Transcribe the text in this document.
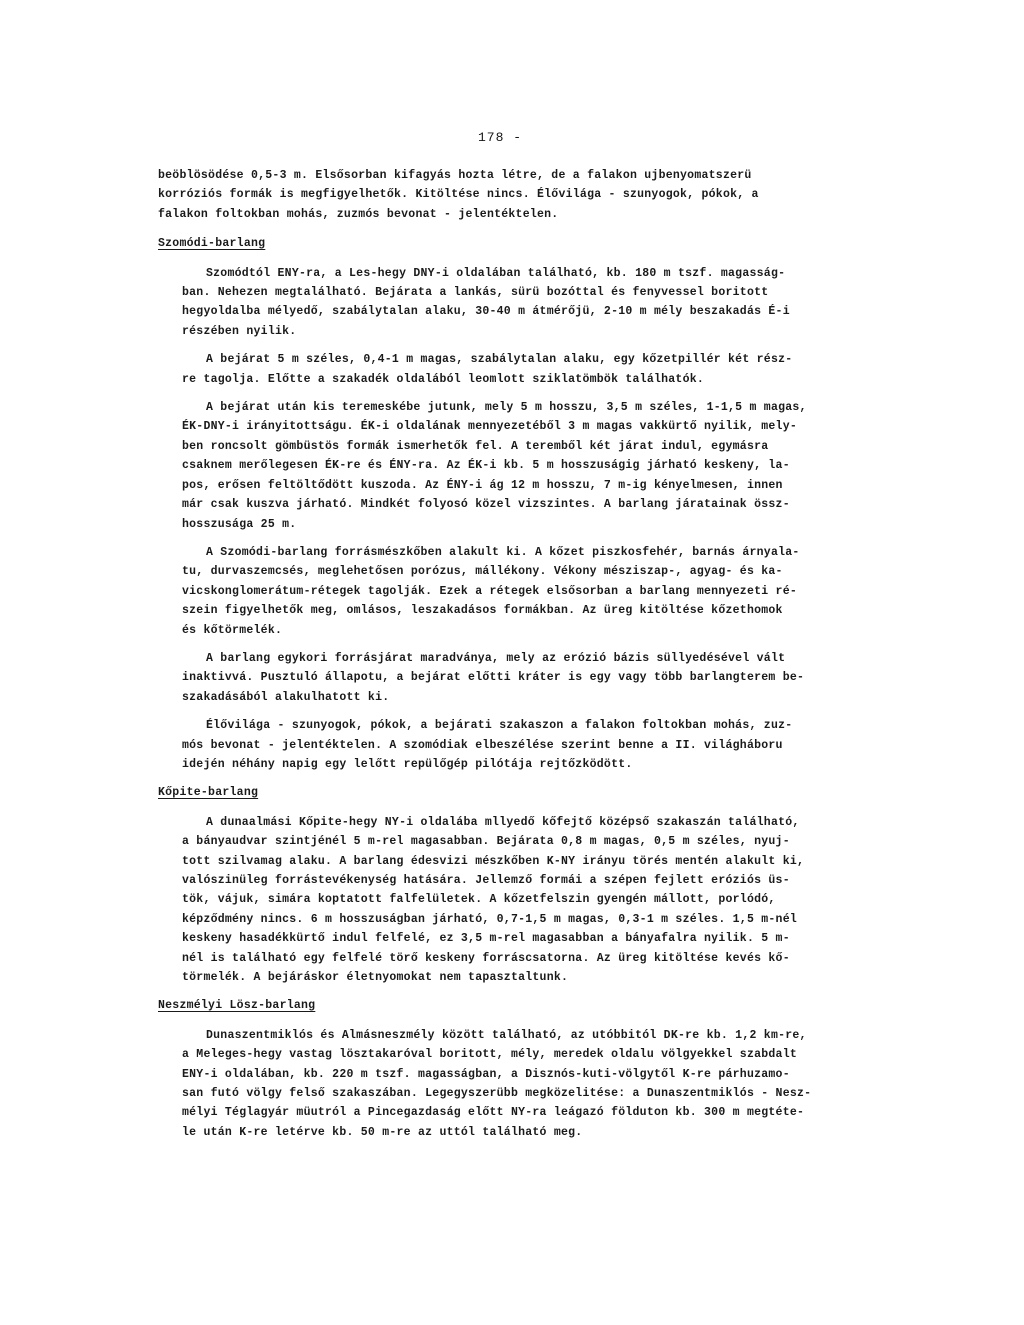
178 -

beöblösödése 0,5-3 m. Elsősorban kifagyás hozta létre, de a falakon ujbenyomatszerü
korróziós formák is megfigyelhetők. Kitöltése nincs. Élővilága - szunyogok, pókok, a
falakon foltokban mohás, zuzmós bevonat - jelentéktelen.

Szomódi-barlang

Szomódtól ENY-ra, a Les-hegy DNY-i oldalában található, kb. 180 m tszf. magasság-
ban. Nehezen megtalálható. Bejárata a lankás, sürü bozóttal és fenyvessel boritott
hegyoldalba mélyedő, szabálytalan alaku, 30-40 m átmérőjü, 2-10 m mély beszakadás É-i
részében nyilik.

A bejárat 5 m széles, 0,4-1 m magas, szabálytalan alaku, egy kőzetpillér két rész-
re tagolja. Előtte a szakadék oldalából leomlott sziklatömbök találhatók.

A bejárat után kis teremeskébe jutunk, mely 5 m hosszu, 3,5 m széles, 1-1,5 m magas,
ÉK-DNY-i irányitottságu. ÉK-i oldalának mennyezetéből 3 m magas vakkürtő nyilik, mely-
ben roncsolt gömbüstös formák ismerhetők fel. A teremből két járat indul, egymásra
csaknem merőlegesen ÉK-re és ÉNY-ra. Az ÉK-i kb. 5 m hosszuságig járható keskeny, la-
pos, erősen feltöltődött kuszoda. Az ÉNY-i ág 12 m hosszu, 7 m-ig kényelmesen, innen
már csak kuszva járható. Mindkét folyosó közel vizszintes. A barlang járatainak össz-
hosszusága 25 m.

A Szomódi-barlang forrásmészkőben alakult ki. A kőzet piszkosfehér, barnás árnyala-
tu, durvaszemcsés, meglehetősen porózus, mállékony. Vékony mésziszap-, agyag- és ka-
vicskonglomerátum-rétegek tagolják. Ezek a rétegek elsősorban a barlang mennyezeti ré-
szein figyelhetők meg, omlásos, leszakadásos formákban. Az üreg kitöltése kőzethomok
és kőtörmelék.

A barlang egykori forrásjárat maradványa, mely az erózió bázis süllyedésével vált
inaktivvá. Pusztuló állapotu, a bejárat előtti kráter is egy vagy több barlangterem be-
szakadásából alakulhatott ki.

Élővilága - szunyogok, pókok, a bejárati szakaszon a falakon foltokban mohás, zuz-
mós bevonat - jelentéktelen. A szomódiak elbeszélése szerint benne a II. világháboru
idején néhány napig egy lelőtt repülőgép pilótája rejtőzködött.

Kőpite-barlang

A dunaalmási Kőpite-hegy NY-i oldalába mllyedő kőfejtő középső szakaszán található,
a bányaudvar szintjénél 5 m-rel magasabban. Bejárata 0,8 m magas, 0,5 m széles, nyuj-
tott szilvamag alaku. A barlang édesvizi mészkőben K-NY irányu törés mentén alakult ki,
valószinüleg forrástevékenység hatására. Jellemző formái a szépen fejlett eróziós üs-
tök, vájuk, simára koptatott falfelületek. A kőzetfelszin gyengén mállott, porlódó,
képződmény nincs. 6 m hosszuságban járható, 0,7-1,5 m magas, 0,3-1 m széles. 1,5 m-nél
keskeny hasadékkürtő indul felfelé, ez 3,5 m-rel magasabban a bányafalra nyilik. 5 m-
nél is található egy felfelé törő keskeny forráscsatorna. Az üreg kitöltése kevés kő-
törmelék. A bejáráskor életnyomokat nem tapasztaltunk.

Neszmélyi Lösz-barlang

Dunaszentmiklós és Almásneszmély között található, az utóbbitól DK-re kb. 1,2 km-re,
a Meleges-hegy vastag lösztakaróval boritott, mély, meredek oldalu völgyekkel szabdalt
ENY-i oldalában, kb. 220 m tszf. magasságban, a Disznós-kuti-völgytől K-re párhuzamo-
san futó völgy felső szakaszában. Legegyszerübb megközelitése: a Dunaszentmiklós - Nesz-
mélyi Téglagyár müutról a Pincegazdaság előtt NY-ra leágazó földuton kb. 300 m megtéte-
le után K-re letérve kb. 50 m-re az uttól található meg.
